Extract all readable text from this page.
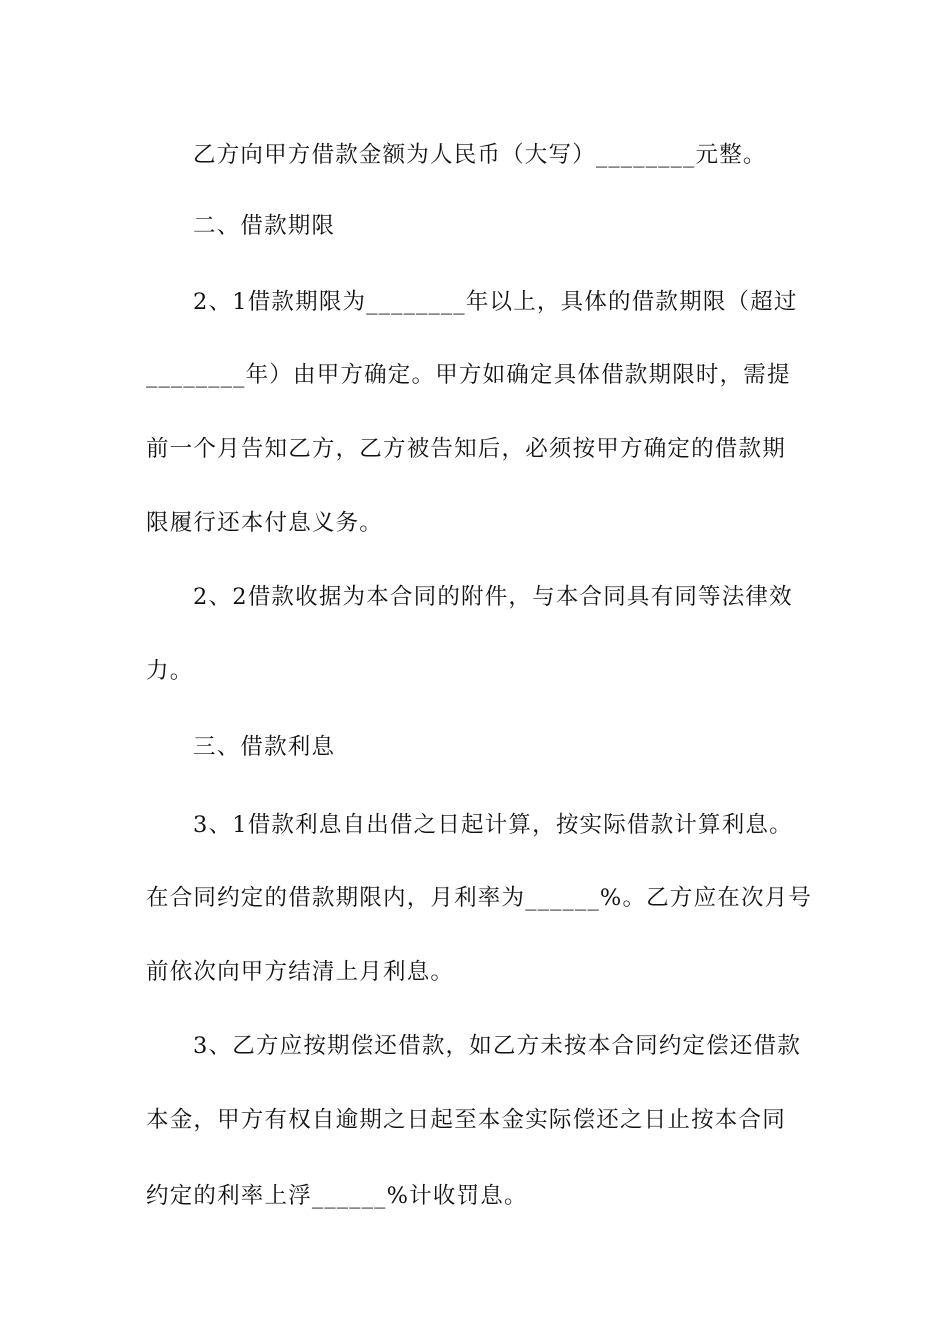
乙方向甲方借款金额为人民币（大写）________元整。
二、借款期限
2、1借款期限为________年以上，具体的借款期限（超过
________年）由甲方确定。甲方如确定具体借款期限时，需提
前一个月告知乙方，乙方被告知后，必须按甲方确定的借款期
限履行还本付息义务。
2、2借款收据为本合同的附件，与本合同具有同等法律效
力。
三、借款利息
3、1借款利息自出借之日起计算，按实际借款计算利息。
在合同约定的借款期限内，月利率为______%。乙方应在次月号
前依次向甲方结清上月利息。
3、乙方应按期偿还借款，如乙方未按本合同约定偿还借款
本金，甲方有权自逾期之日起至本金实际偿还之日止按本合同
约定的利率上浮______%计收罚息。
